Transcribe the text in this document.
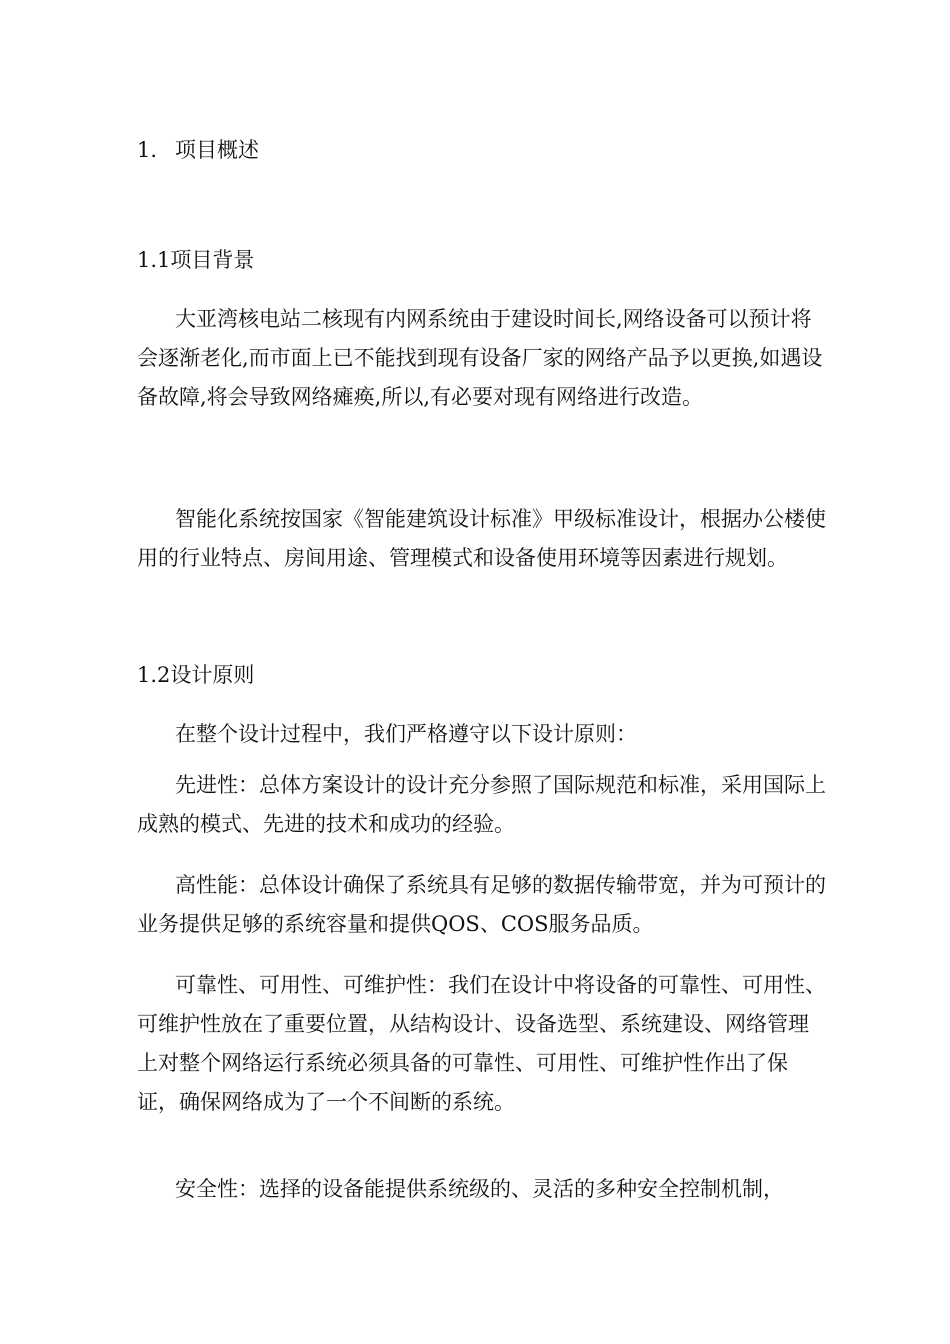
1. 项目概述
1.1项目背景

大亚湾核电站二核现有内网系统由于建设时间长,网络设备可以预计将会逐渐老化,而市面上已不能找到现有设备厂家的网络产品予以更换,如遇设备故障,将会导致网络瘫痪,所以,有必要对现有网络进行改造。

智能化系统按国家《智能建筑设计标准》甲级标准设计，根据办公楼使用的行业特点、房间用途、管理模式和设备使用环境等因素进行规划。

1.2设计原则

在整个设计过程中，我们严格遵守以下设计原则：

先进性：总体方案设计的设计充分参照了国际规范和标准，采用国际上成熟的模式、先进的技术和成功的经验。

高性能：总体设计确保了系统具有足够的数据传输带宽，并为可预计的业务提供足够的系统容量和提供QOS、COS服务品质。

可靠性、可用性、可维护性：我们在设计中将设备的可靠性、可用性、可维护性放在了重要位置，从结构设计、设备选型、系统建设、网络管理上对整个网络运行系统必须具备的可靠性、可用性、可维护性作出了保证，确保网络成为了一个不间断的系统。

安全性：选择的设备能提供系统级的、灵活的多种安全控制机制，
